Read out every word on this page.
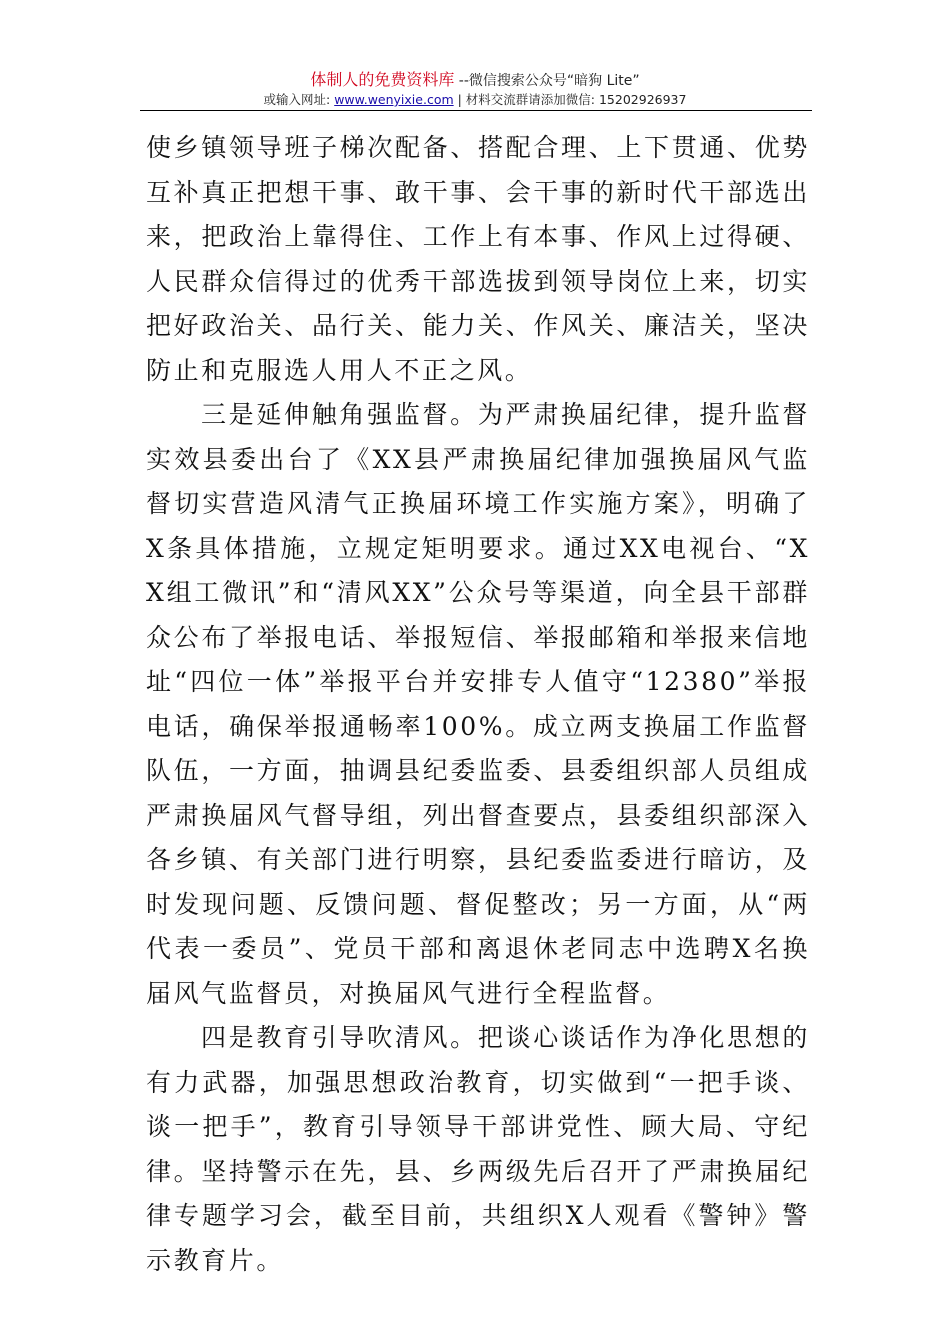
体制人的免费资料库 --微信搜索公众号“暗狗 Lite”
或输入网址: www.wenyixie.com | 材料交流群请添加微信: 15202926937

使乡镇领导班子梯次配备、搭配合理、上下贯通、优势互补真正把想干事、敢干事、会干事的新时代干部选出来，把政治上靠得住、工作上有本事、作风上过得硬、人民群众信得过的优秀干部选拔到领导岗位上来，切实把好政治关、品行关、能力关、作风关、廉洁关，坚决防止和克服选人用人不正之风。

三是延伸触角强监督。为严肃换届纪律，提升监督实效县委出台了《XX县严肃换届纪律加强换届风气监督切实营造风清气正换届环境工作实施方案》，明确了X条具体措施，立规定矩明要求。通过XX电视台、“XX组工微讯”和“清风XX”公众号等渠道，向全县干部群众公布了举报电话、举报短信、举报邮箱和举报来信地址“四位一体”举报平台并安排专人值守“12380”举报电话，确保举报通畅率100%。成立两支换届工作监督队伍，一方面，抽调县纪委监委、县委组织部人员组成严肃换届风气督导组，列出督查要点，县委组织部深入各乡镇、有关部门进行明察，县纪委监委进行暗访，及时发现问题、反馈问题、督促整改；另一方面，从“两代表一委员”、党员干部和离退休老同志中选聘X名换届风气监督员，对换届风气进行全程监督。

四是教育引导吹清风。把谈心谈话作为净化思想的有力武器，加强思想政治教育，切实做到“一把手谈、谈一把手”，教育引导领导干部讲党性、顾大局、守纪律。坚持警示在先，县、乡两级先后召开了严肃换届纪律专题学习会，截至目前，共组织X人观看《警钟》警示教育片。
